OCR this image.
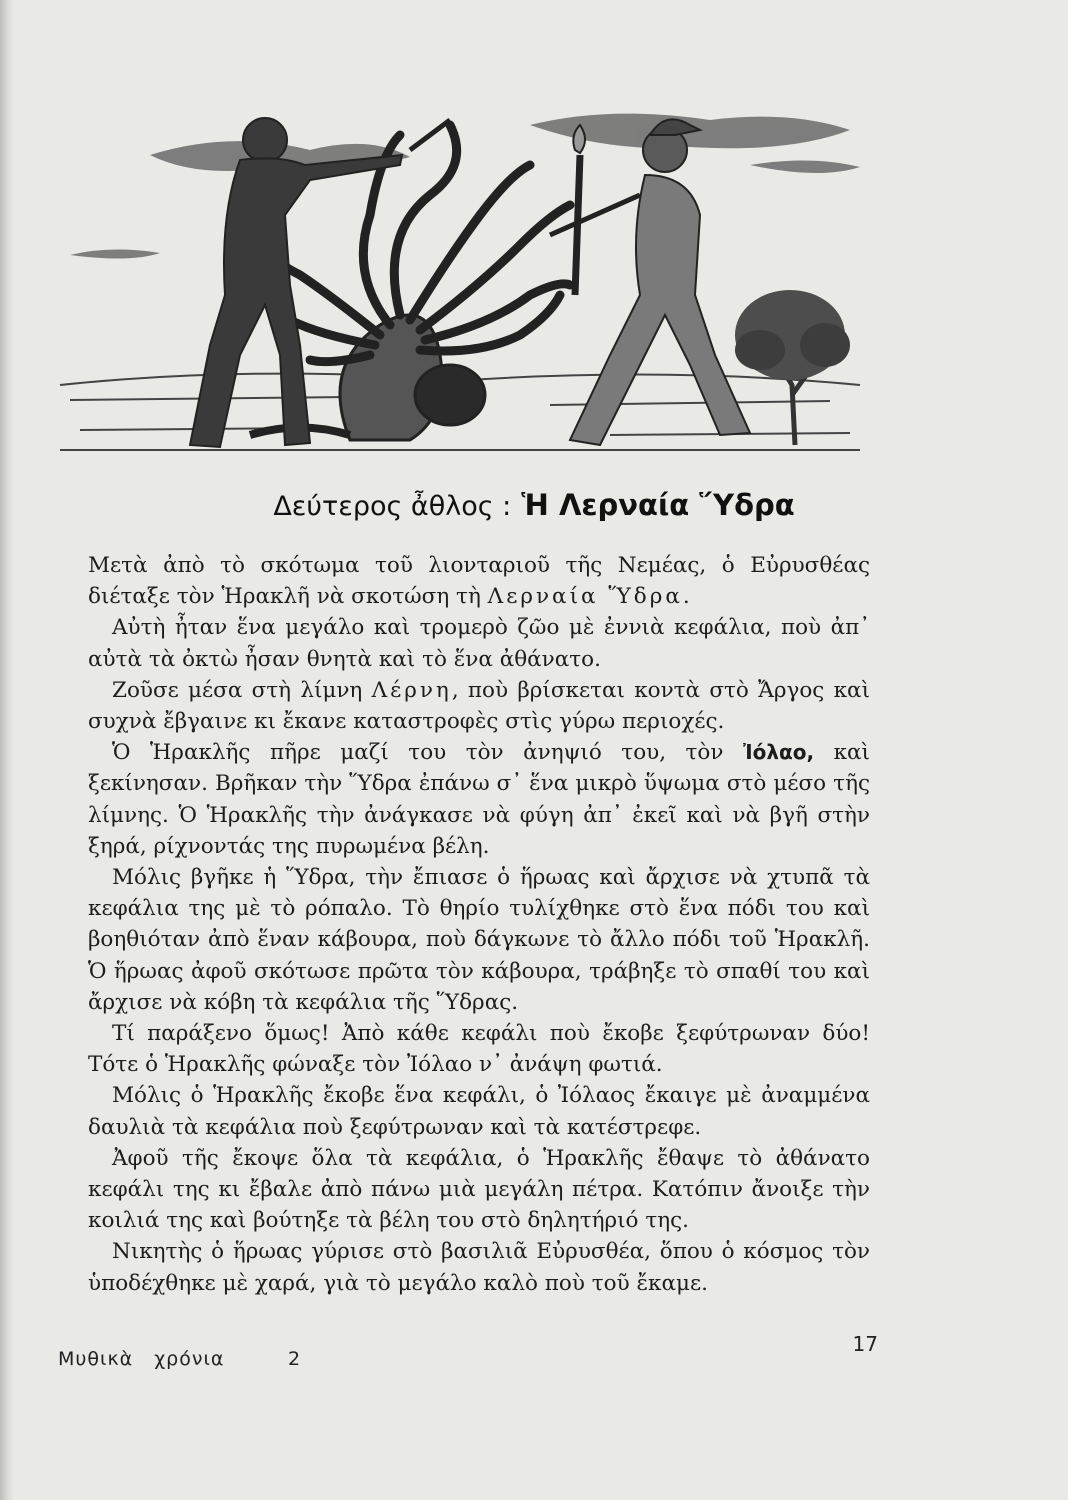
Δεύτερος ἆθλος : Ἡ Λερναία Ὕδρα

Μετὰ ἀπὸ τὸ σκότωμα τοῦ λιονταριοῦ τῆς Νεμέας, ὁ Εὐρυσθέας διέταξε τὸν Ἡρακλῆ νὰ σκοτώση τὴ Λερναία Ὕδρα.

Αὐτὴ ἦταν ἕνα μεγάλο καὶ τρομερὸ ζῶο μὲ ἐννιὰ κεφάλια, ποὺ ἀπ᾽ αὐτὰ τὰ ὀκτὼ ἦσαν θνητὰ καὶ τὸ ἕνα ἀθάνατο.

Ζοῦσε μέσα στὴ λίμνη Λέρνη, ποὺ βρίσκεται κοντὰ στὸ Ἄργος καὶ συχνὰ ἔβγαινε κι ἔκανε καταστροφὲς στὶς γύρω περιοχές.

Ὁ Ἡρακλῆς πῆρε μαζί του τὸν ἀνηψιό του, τὸν Ἰόλαο, καὶ ξεκίνησαν. Βρῆκαν τὴν Ὕδρα ἐπάνω σ᾽ ἕνα μικρὸ ὕψωμα στὸ μέσο τῆς λίμνης. Ὁ Ἡρακλῆς τὴν ἀνάγκασε νὰ φύγη ἀπ᾽ ἐκεῖ καὶ νὰ βγῆ στὴν ξηρά, ρίχνοντάς της πυρωμένα βέλη.

Μόλις βγῆκε ἡ Ὕδρα, τὴν ἔπιασε ὁ ἥρωας καὶ ἄρχισε νὰ χτυπᾶ τὰ κεφάλια της μὲ τὸ ρόπαλο. Τὸ θηρίο τυλίχθηκε στὸ ἕνα πόδι του καὶ βοηθιόταν ἀπὸ ἕναν κάβουρα, ποὺ δάγκωνε τὸ ἄλλο πόδι τοῦ Ἡρακλῆ. Ὁ ἥρωας ἀφοῦ σκότωσε πρῶτα τὸν κάβουρα, τράβηξε τὸ σπαθί του καὶ ἄρχισε νὰ κόβη τὰ κεφάλια τῆς Ὕδρας.

Τί παράξενο ὅμως! Ἀπὸ κάθε κεφάλι ποὺ ἔκοβε ξεφύτρωναν δύο! Τότε ὁ Ἡρακλῆς φώναξε τὸν Ἰόλαο ν᾽ ἀνάψη φωτιά.

Μόλις ὁ Ἡρακλῆς ἔκοβε ἕνα κεφάλι, ὁ Ἰόλαος ἔκαιγε μὲ ἀναμμένα δαυλιὰ τὰ κεφάλια ποὺ ξεφύτρωναν καὶ τὰ κατέστρεφε.

Ἀφοῦ τῆς ἔκοψε ὅλα τὰ κεφάλια, ὁ Ἡρακλῆς ἔθαψε τὸ ἀθάνατο κεφάλι της κι ἔβαλε ἀπὸ πάνω μιὰ μεγάλη πέτρα. Κατόπιν ἄνοιξε τὴν κοιλιά της καὶ βούτηξε τὰ βέλη του στὸ δηλητήριό της.

Νικητὴς ὁ ἥρωας γύρισε στὸ βασιλιᾶ Εὐρυσθέα, ὅπου ὁ κόσμος τὸν ὑποδέχθηκε μὲ χαρά, γιὰ τὸ μεγάλο καλὸ ποὺ τοῦ ἔκαμε.

Μυθικὰ χρόνια	2
17
